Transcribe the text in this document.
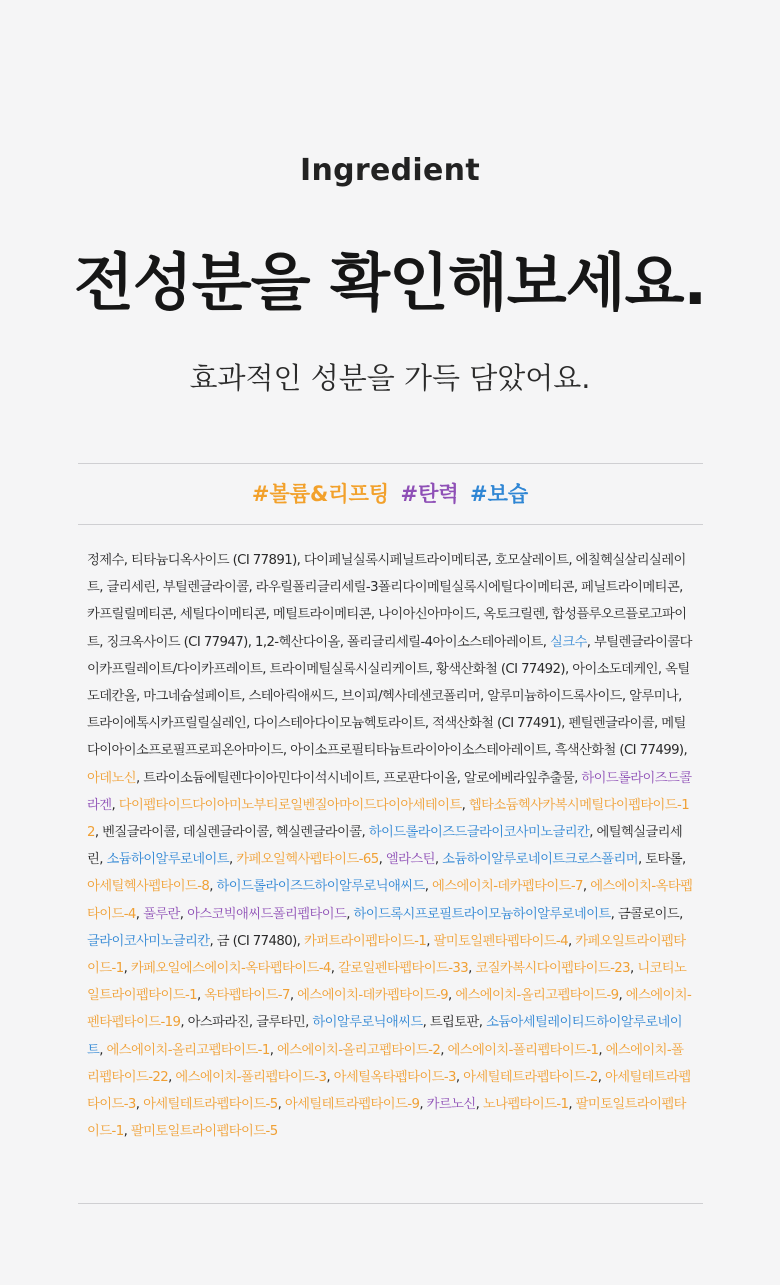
Ingredient
전성분을 확인해보세요.
효과적인 성분을 가득 담았어요.
#볼륨&리프팅 #탄력 #보습
정제수, 티타늄디옥사이드 (CI 77891), 다이페닐실록시페닐트라이메티콘, 호모살레이트, 에칠헥실살리실레이트, 글리세린, 부틸렌글라이콜, 라우릴폴리글리세릴-3폴리다이메틸실록시에틸다이메티콘, 페닐트라이메티콘, 카프릴릴메티콘, 세틸다이메티콘, 메틸트라이메티콘, 나이아신아마이드, 옥토크릴렌, 합성플루오르플로고파이트, 징크옥사이드 (CI 77947), 1,2-헥산다이올, 폴리글리세릴-4아이소스테아레이트, 실크수, 부틸렌글라이콜다이카프릴레이트/다이카프레이트, 트라이메틸실록시실리케이트, 황색산화철 (CI 77492), 아이소도데케인, 옥틸도데칸올, 마그네슘설페이트, 스테아릭애씨드, 브이피/헥사데센코폴리머, 알루미늄하이드록사이드, 알루미나, 트라이에톡시카프릴릴실레인, 다이스테아다이모늄헥토라이트, 적색산화철 (CI 77491), 펜틸렌글라이콜, 메틸다이아이소프로필프로피온아마이드, 아이소프로필티타늄트라이아이소스테아레이트, 흑색산화철 (CI 77499), 아데노신, 트라이소듐에틸렌다이아민다이석시네이트, 프로판다이올, 알로에베라잎추출물, 하이드롤라이즈드콜라겐, 다이펩타이드다이아미노부티로일벤질아마이드다이아세테이트, 헵타소듐헥사카복시메틸다이펩타이드-12, 벤질글라이콜, 데실렌글라이콜, 헥실렌글라이콜, 하이드롤라이즈드글라이코사미노글리칸, 에틸헥실글리세린, 소듐하이알루로네이트, 카페오일헥사펩타이드-65, 엘라스틴, 소듐하이알루로네이트크로스폴리머, 토타롤, 아세틸헥사펩타이드-8, 하이드롤라이즈드하이알루로닉애씨드, 에스에이치-데카펩타이드-7, 에스에이치-옥타펩타이드-4, 풀루란, 아스코빅애씨드폴리펩타이드, 하이드록시프로필트라이모늄하이알루로네이트, 금콜로이드, 글라이코사미노글리칸, 금 (CI 77480), 카퍼트라이펩타이드-1, 팔미토일펜타펩타이드-4, 카페오일트라이펩타이드-1, 카페오일에스에이치-옥타펩타이드-4, 갈로일펜타펩타이드-33, 코질카복시다이펩타이드-23, 니코티노일트라이펩타이드-1, 옥타펩타이드-7, 에스에이치-데카펩타이드-9, 에스에이치-올리고펩타이드-9, 에스에이치-펜타펩타이드-19, 아스파라진, 글루타민, 하이알루로닉애씨드, 트립토판, 소듐아세틸레이티드하이알루로네이트, 에스에이치-올리고펩타이드-1, 에스에이치-올리고펩타이드-2, 에스에이치-폴리펩타이드-1, 에스에이치-폴리펩타이드-22, 에스에이치-폴리펩타이드-3, 아세틸옥타펩타이드-3, 아세틸테트라펩타이드-2, 아세틸테트라펩타이드-3, 아세틸테트라펩타이드-5, 아세틸테트라펩타이드-9, 카르노신, 노나펩타이드-1, 팔미토일트라이펩타이드-1, 팔미토일트라이펩타이드-5
